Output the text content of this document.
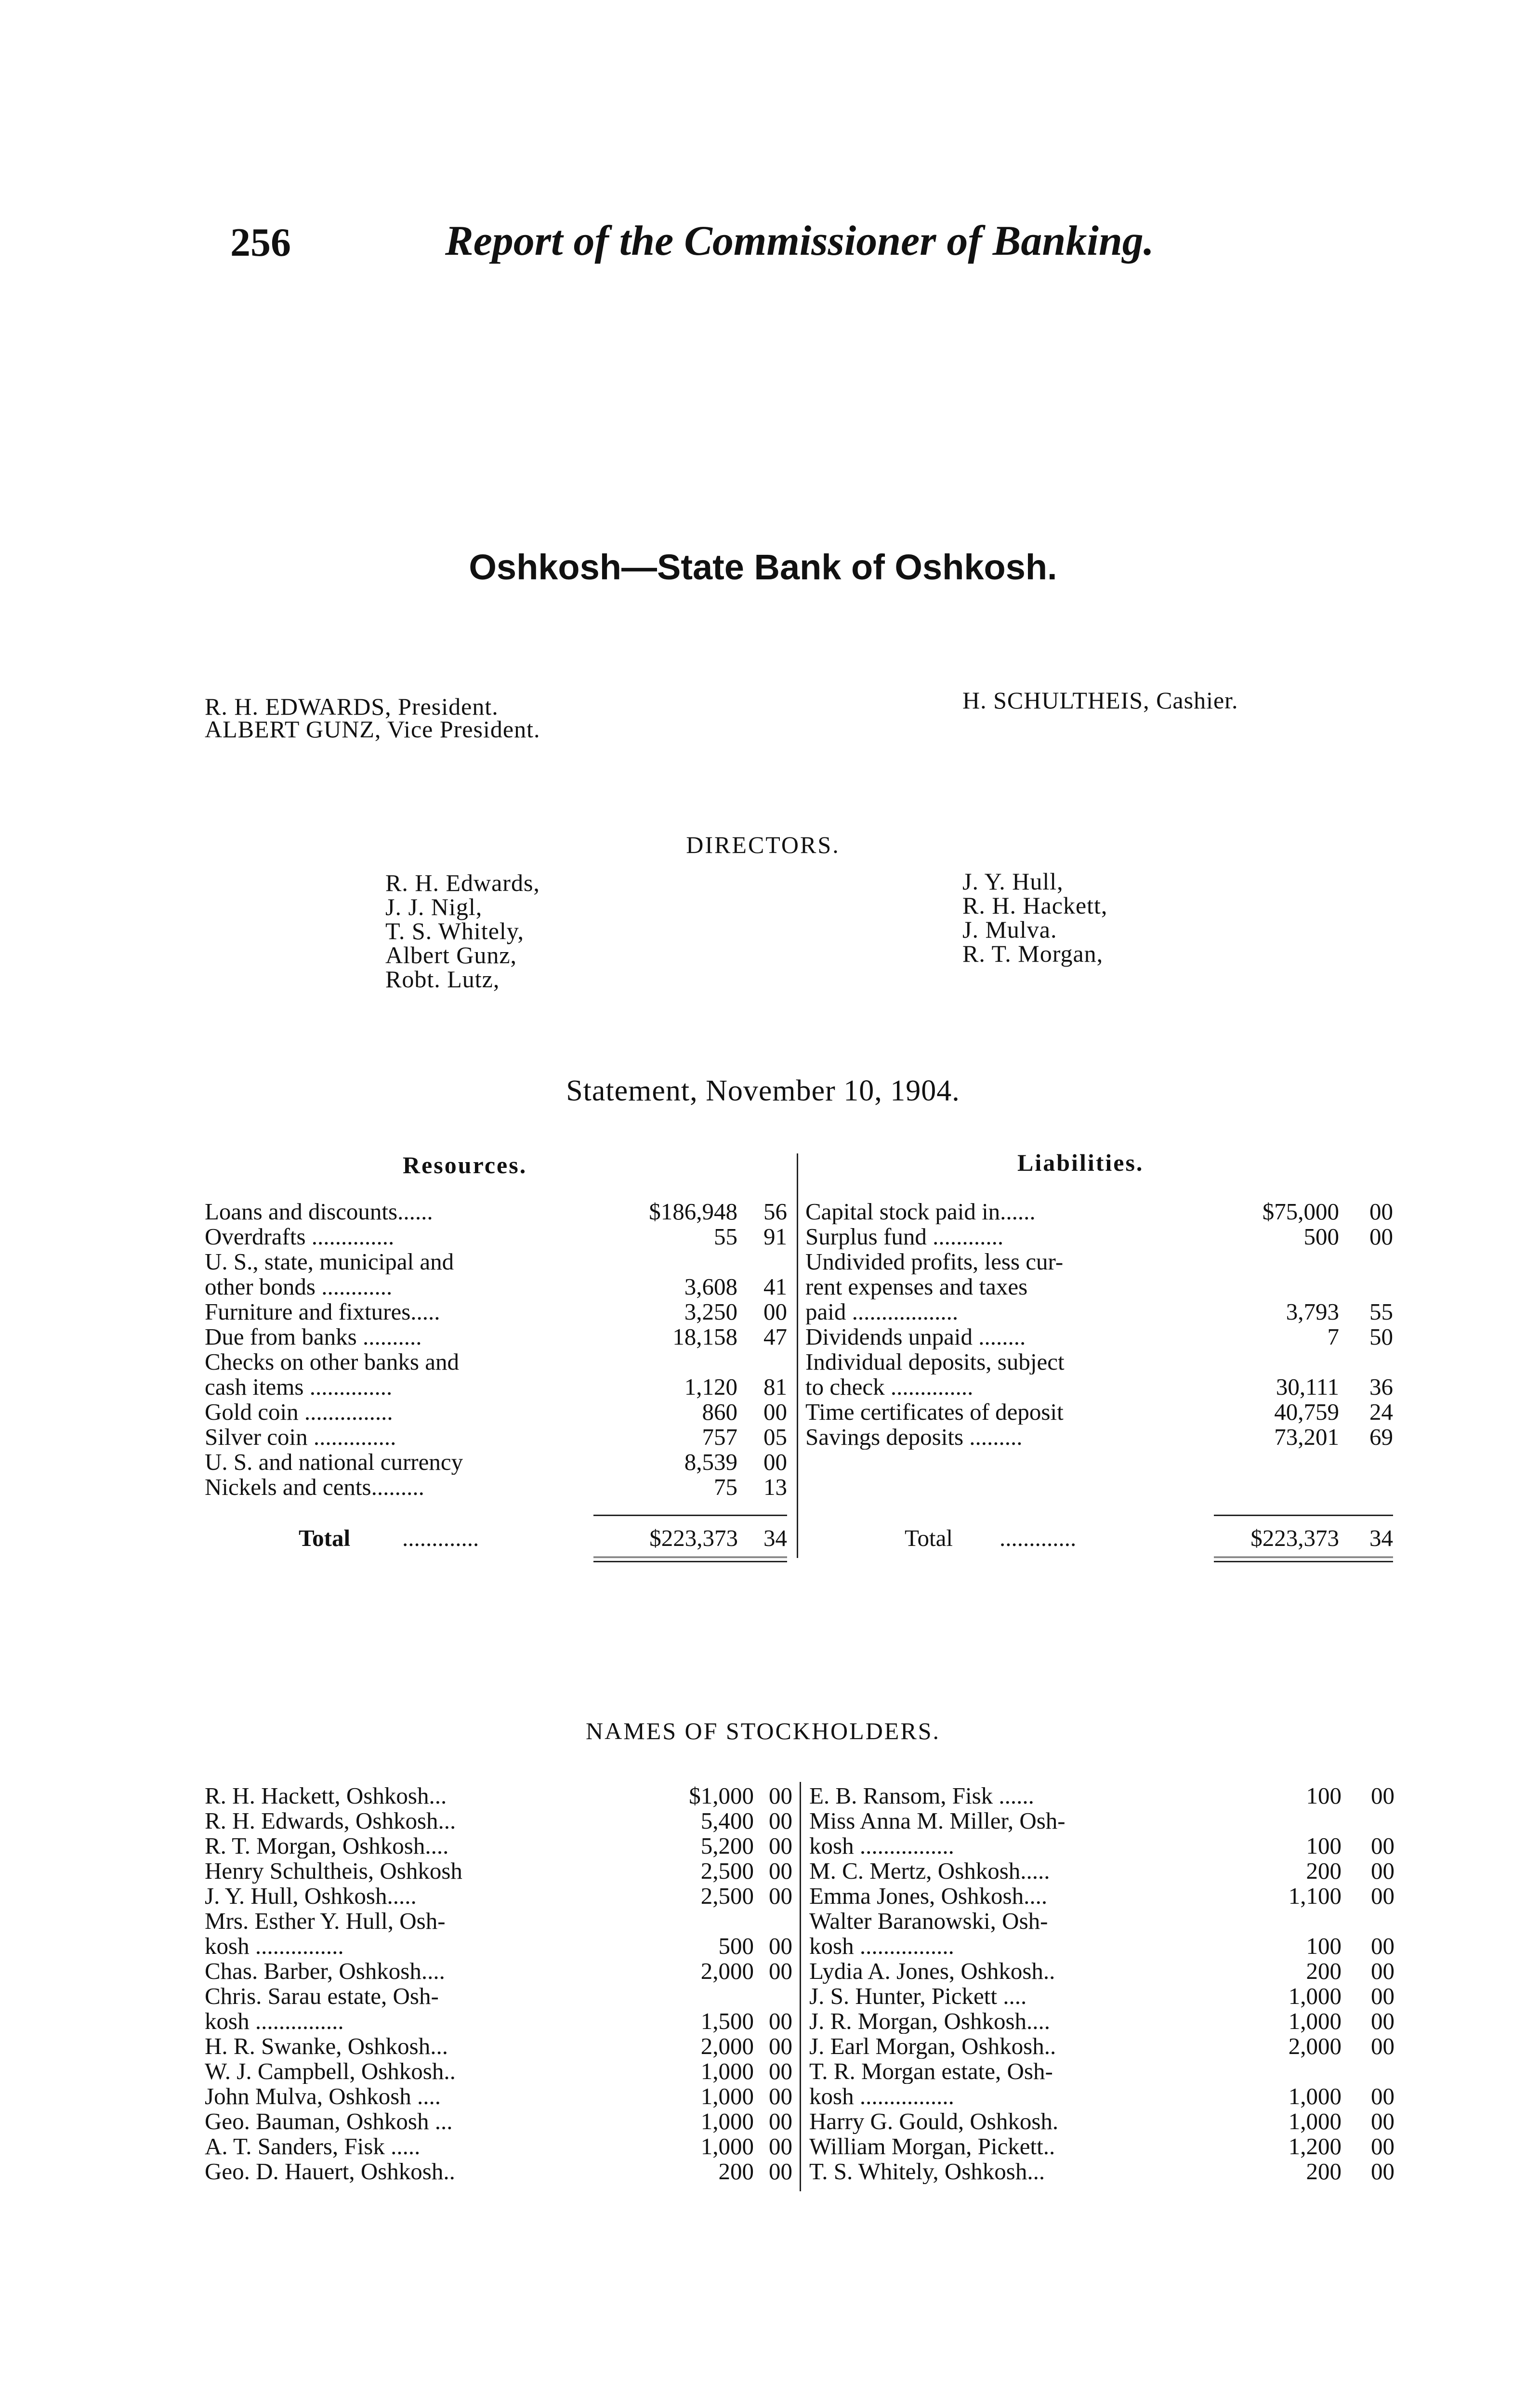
256	Report of the Commissioner of Banking.
Oshkosh—State Bank of Oshkosh.
R. H. EDWARDS, President.
ALBERT GUNZ, Vice President.
H. SCHULTHEIS, Cashier.
DIRECTORS.
R. H. Edwards,
J. J. Nigl,
T. S. Whitely,
Albert Gunz,
Robt. Lutz,
J. Y. Hull,
R. H. Hackett,
J. Mulva.
R. T. Morgan,
Statement, November 10, 1904.
Resources.	Liabilities.
Loans and discounts......	$186,948	56
Overdrafts ..............	55	91
U. S., state, municipal and
other bonds ............	3,608	41
Furniture and fixtures.....	3,250	00
Due from banks ..........	18,158	47
Checks on other banks and
cash items ..............	1,120	81
Gold coin ...............	860	00
Silver coin ..............	757	05
U. S. and national currency	8,539	00
Nickels and cents.........	75	13
Capital stock paid in......	$75,000	00
Surplus fund ............	500	00
Undivided profits, less cur-
rent expenses and taxes
paid ..................	3,793	55
Dividends unpaid ........	7	50
Individual deposits, subject
to check ..............	30,111	36
Time certificates of deposit	40,759	24
Savings deposits .........	73,201	69
Total .............	$223,373	34	Total .............	$223,373	34
NAMES OF STOCKHOLDERS.
R. H. Hackett, Oshkosh...	$1,000 00
R. H. Edwards, Oshkosh...	5,400 00
R. T. Morgan, Oshkosh....	5,200 00
Henry Schultheis, Oshkosh	2,500 00
J. Y. Hull, Oshkosh.....	2,500 00
Mrs. Esther Y. Hull, Osh-
kosh ...............	500 00
Chas. Barber, Oshkosh....	2,000 00
Chris. Sarau estate, Osh-
kosh ...............	1,500 00
H. R. Swanke, Oshkosh...	2,000 00
W. J. Campbell, Oshkosh..	1,000 00
John Mulva, Oshkosh ....	1,000 00
Geo. Bauman, Oshkosh ...	1,000 00
A. T. Sanders, Fisk .....	1,000 00
Geo. D. Hauert, Oshkosh..	200 00
E. B. Ransom, Fisk ......	100	00
Miss Anna M. Miller, Osh-
kosh ................	100	00
M. C. Mertz, Oshkosh.....	200	00
Emma Jones, Oshkosh....	1,100	00
Walter Baranowski, Osh-
kosh ................	100	00
Lydia A. Jones, Oshkosh..	200	00
J. S. Hunter, Pickett ....	1,000	00
J. R. Morgan, Oshkosh....	1,000	00
J. Earl Morgan, Oshkosh..	2,000	00
T. R. Morgan estate, Osh-
kosh ................	1,000	00
Harry G. Gould, Oshkosh.	1,000	00
William Morgan, Pickett..	1,200	00
T. S. Whitely, Oshkosh...	200	00
